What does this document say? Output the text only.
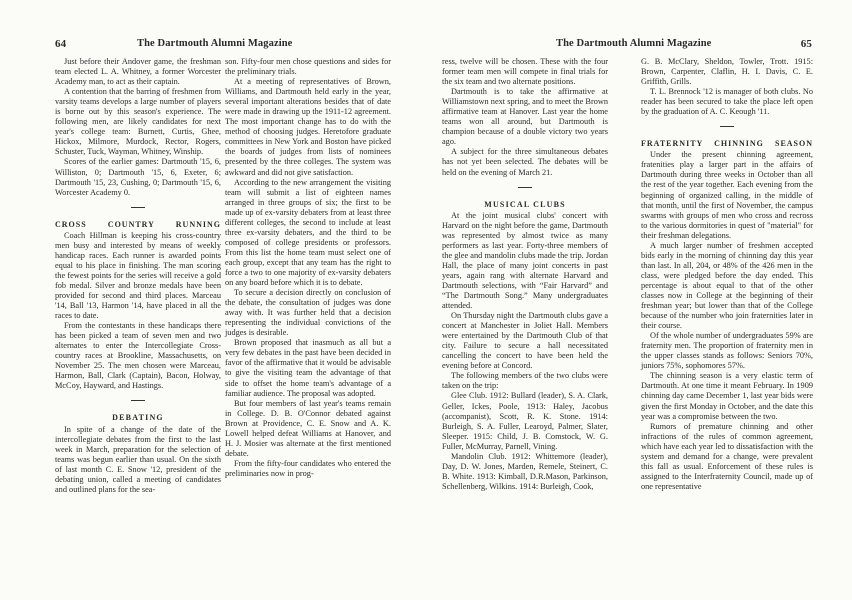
64	The Dartmouth Alumni Magazine

Just before their Andover game, the freshman team elected L. A. Whitney, a former Worcester Academy man, to act as their captain.

A contention that the barring of freshmen from varsity teams develops a large number of players is borne out by this season's experience. The following men, are likely candidates for next year's college team: Burnett, Curtis, Ghee, Hickox, Milmore, Murdock, Rector, Rogers, Schuster, Tuck, Wayman, Whitney, Winship.

Scores of the earlier games: Dartmouth '15, 6, Williston, 0; Dartmouth '15, 6, Exeter, 6; Dartmouth '15, 23, Cushing, 0; Dartmouth '15, 6, Worcester Academy 0.

CROSS COUNTRY RUNNING

Coach Hillman is keeping his cross-country men busy and interested by means of weekly handicap races. Each runner is awarded points equal to his place in finishing. The man scoring the fewest points for the series will receive a gold fob medal. Silver and bronze medals have been provided for second and third places. Marceau '14, Ball '13, Harmon '14, have placed in all the races to date.

From the contestants in these handicaps there has been picked a team of seven men and two alternates to enter the Intercollegiate Cross-country races at Brookline, Massachusetts, on November 25. The men chosen were Marceau, Harmon, Ball, Clark (Captain), Bacon, Holway, McCoy, Hayward, and Hastings.

DEBATING

In spite of a change of the date of the intercollegiate debates from the first to the last week in March, preparation for the selection of teams was begun earlier than usual. On the sixth of last month C. E. Snow '12, president of the debating union, called a meeting of candidates and outlined plans for the sea-

son. Fifty-four men chose questions and sides for the preliminary trials.

At a meeting of representatives of Brown, Williams, and Dartmouth held early in the year, several important alterations besides that of date were made in drawing up the 1911-12 agreement. The most important change has to do with the method of choosing judges. Heretofore graduate committees in New York and Boston have picked the boards of judges from lists of nominees presented by the three colleges. The system was awkward and did not give satisfaction.

According to the new arrangement the visiting team will submit a list of eighteen names arranged in three groups of six; the first to be made up of ex-varsity debaters from at least three different colleges, the second to include at least three ex-varsity debaters, and the third to be composed of college presidents or professors. From this list the home team must select one of each group, except that any team has the right to force a two to one majority of ex-varsity debaters on any board before which it is to debate.

To secure a decision directly on conclusion of the debate, the consultation of judges was done away with. It was further held that a decision representing the individual convictions of the judges is desirable.

Brown proposed that inasmuch as all but a very few debates in the past have been decided in favor of the affirmative that it would be advisable to give the visiting team the advantage of that side to offset the home team's advantage of a familiar audience. The proposal was adopted.

But four members of last year's teams remain in College. D. B. O'Connor debated against Brown at Providence, C. E. Snow and A. K. Lowell helped defeat Williams at Hanover, and H. J. Mosier was alternate at the first mentioned debate.

From the fifty-four candidates who entered the preliminaries now in prog-

The Dartmouth Alumni Magazine	65

ress, twelve will be chosen. These with the four former team men will compete in final trials for the six team and two alternate positions.

Dartmouth is to take the affirmative at Williamstown next spring, and to meet the Brown affirmative team at Hanover. Last year the home teams won all around, but Dartmouth is champion because of a double victory two years ago.

A subject for the three simultaneous debates has not yet been selected. The debates will be held on the evening of March 21.

MUSICAL CLUBS

At the joint musical clubs' concert with Harvard on the night before the game, Dartmouth was represented by almost twice as many performers as last year. Forty-three members of the glee and mandolin clubs made the trip. Jordan Hall, the place of many joint concerts in past years, again rang with alternate Harvard and Dartmouth selections, with “Fair Harvard” and “The Dartmouth Song.” Many undergraduates attended.

On Thursday night the Dartmouth clubs gave a concert at Manchester in Joliet Hall. Members were entertained by the Dartmouth Club of that city. Failure to secure a hall necessitated cancelling the concert to have been held the evening before at Concord.

The following members of the two clubs were taken on the trip:

Glee Club. 1912: Bullard (leader), S. A. Clark, Geller, Ickes, Poole, 1913: Haley, Jacobus (accompanist), Scott, R. K. Stone. 1914: Burleigh, S. A. Fuller, Learoyd, Palmer, Slater, Sleeper. 1915: Child, J. B. Comstock, W. G. Fuller, McMurray, Parnell, Vining.

Mandolin Club. 1912: Whittemore (leader), Day, D. W. Jones, Marden, Remele, Steinert, C. B. White. 1913: Kimball, D.R.Mason, Parkinson, Schellenberg, Wilkins. 1914: Burleigh, Cook,

G. B. McClary, Sheldon, Towler, Trott. 1915: Brown, Carpenter, Claflin, H. I. Davis, C. E. Griffith, Grills.

T. L. Brennock '12 is manager of both clubs. No reader has been secured to take the place left open by the graduation of A. C. Keough '11.

FRATERNITY CHINNING SEASON

Under the present chinning agreement, fratenities play a larger part in the affairs of Dartmouth during three weeks in October than all the rest of the year together. Each evening from the beginning of organized calling, in the middle of that month, until the first of November, the campus swarms with groups of men who cross and recross to the various dormitories in quest of "material" for their freshman delegations.

A much larger number of freshmen accepted bids early in the morning of chinning day this year than last. In all, 204, or 48% of the 426 men in the class, were pledged before the day ended. This percentage is about equal to that of the other classes now in College at the beginning of their freshman year; but lower than that of the College because of the number who join fraternities later in their course.

Of the whole number of undergraduates 59% are fraternity men. The proportion of fraternity men in the upper classes stands as follows: Seniors 70%, juniors 75%, sophomores 57%.

The chinning season is a very elastic term of Dartmouth. At one time it meant February. In 1909 chinning day came December 1, last year bids were given the first Monday in October, and the date this year was a compromise between the two.

Rumors of premature chinning and other infractions of the rules of common agreement, which have each year led to dissatisfaction with the system and demand for a change, were prevalent this fall as usual. Enforcement of these rules is assigned to the Interfraternity Council, made up of one representative
